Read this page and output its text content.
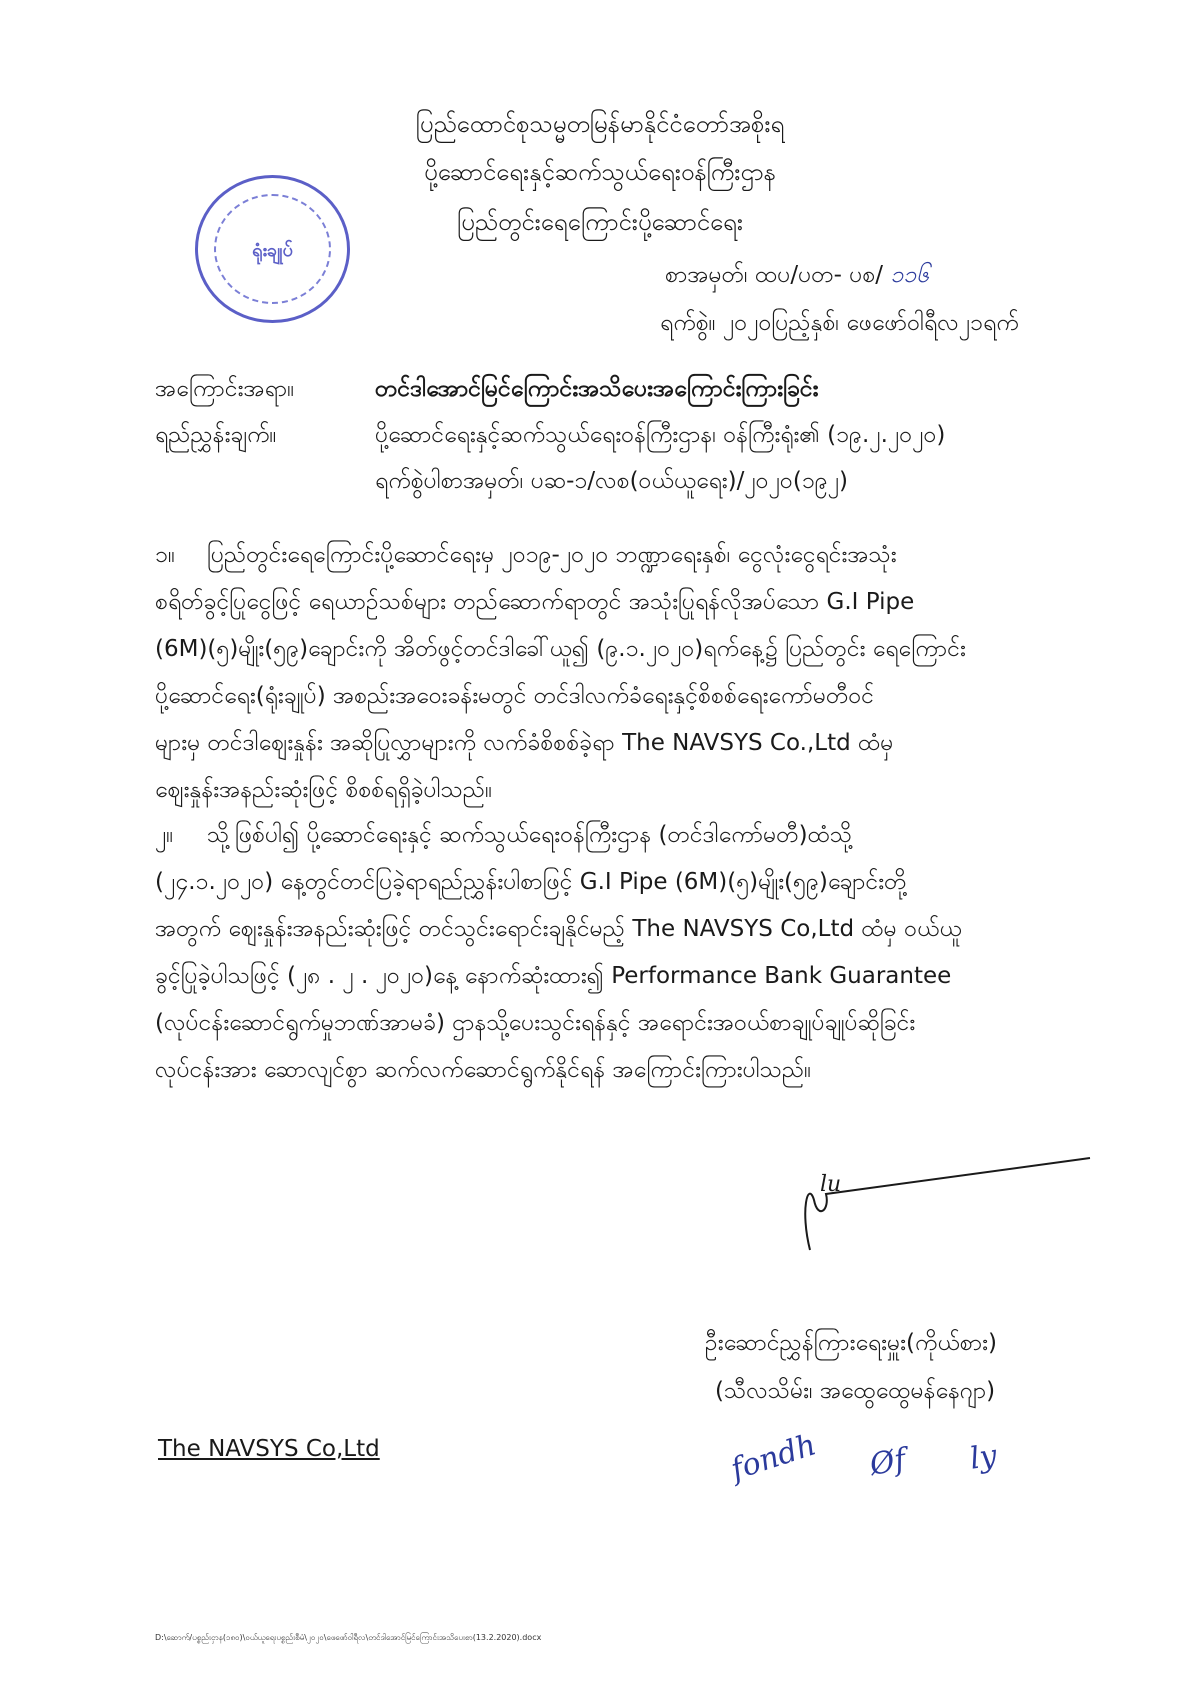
ပြည်ထောင်စုသမ္မတမြန်မာနိုင်ငံတော်အစိုးရ
ပို့ဆောင်ရေးနှင့်ဆက်သွယ်ရေးဝန်ကြီးဌာန
ပြည်တွင်းရေကြောင်းပို့ဆောင်ရေး
ရုံးချုပ်
စာအမှတ်၊ ထပ/ပတ- ပစ/ ၁၁၆
ရက်စွဲ။ ၂၀၂၀ပြည့်နှစ်၊ ဖေဖော်ဝါရီလ၂၁ရက်
အကြောင်းအရာ။	တင်ဒါအောင်မြင်ကြောင်းအသိပေးအကြောင်းကြားခြင်း
ရည်ညွှန်းချက်။	ပို့ဆောင်ရေးနှင့်ဆက်သွယ်ရေးဝန်ကြီးဌာန၊ ဝန်ကြီးရုံး၏ (၁၉.၂.၂၀၂၀)
ရက်စွဲပါစာအမှတ်၊ ပဆ-၁/လစ(ဝယ်ယူရေး)/၂၀၂၀(၁၉၂)
၁။ ပြည်တွင်းရေကြောင်းပို့ဆောင်ရေးမှ ၂၀၁၉-၂၀၂၀ ဘဏ္ဍာရေးနှစ်၊ ငွေလုံးငွေရင်းအသုံး
စရိတ်ခွင့်ပြုငွေဖြင့် ရေယာဉ်သစ်များ တည်ဆောက်ရာတွင် အသုံးပြုရန်လိုအပ်သော G.I Pipe
(6M)(၅)မျိုး(၅၉)ချောင်းကို အိတ်ဖွင့်တင်ဒါခေါ်ယူ၍ (၉.၁.၂၀၂၀)ရက်နေ့၌ ပြည်တွင်း ရေကြောင်း
ပို့ဆောင်ရေး(ရုံးချုပ်) အစည်းအဝေးခန်းမတွင် တင်ဒါလက်ခံရေးနှင့်စိစစ်ရေးကော်မတီဝင်
များမှ တင်ဒါဈေးနှုန်း အဆိုပြုလွှာများကို လက်ခံစိစစ်ခဲ့ရာ The NAVSYS Co.,Ltd ထံမှ
ဈေးနှုန်းအနည်းဆုံးဖြင့် စိစစ်ရရှိခဲ့ပါသည်။
၂။ သို့ဖြစ်ပါ၍ ပို့ဆောင်ရေးနှင့် ဆက်သွယ်ရေးဝန်ကြီးဌာန (တင်ဒါကော်မတီ)ထံသို့
(၂၄.၁.၂၀၂၀) နေ့တွင်တင်ပြခဲ့ရာရည်ညွှန်းပါစာဖြင့် G.I Pipe (6M)(၅)မျိုး(၅၉)ချောင်းတို့
အတွက် ဈေးနှုန်းအနည်းဆုံးဖြင့် တင်သွင်းရောင်းချနိုင်မည့် The NAVSYS Co,Ltd ထံမှ ဝယ်ယူ
ခွင့်ပြုခဲ့ပါသဖြင့် (၂၈ . ၂ . ၂၀၂၀)နေ့ နောက်ဆုံးထား၍ Performance Bank Guarantee
(လုပ်ငန်းဆောင်ရွက်မှုဘဏ်အာမခံ) ဌာနသို့ပေးသွင်းရန်နှင့် အရောင်းအဝယ်စာချုပ်ချုပ်ဆိုခြင်း
လုပ်ငန်းအား ဆောလျင်စွာ ဆက်လက်ဆောင်ရွက်နိုင်ရန် အကြောင်းကြားပါသည်။
lu
ဦးဆောင်ညွှန်ကြားရေးမှူး(ကိုယ်စား)
(သီလသိမ်း၊ အထွေထွေမန်နေဂျာ)
fondh Øf ly
The NAVSYS Co,Ltd
D:\ဆောက်/ပစ္စည်းငှာန(၁၈၀)\ဝယ်ယူရေးပစ္စည်းစီမံ\၂၀၂၀\ဖေဖော်ဝါရီလ\တင်ဒါအောင်မြင်ကြောင်းအသိပေးစာ(13.2.2020).docx
